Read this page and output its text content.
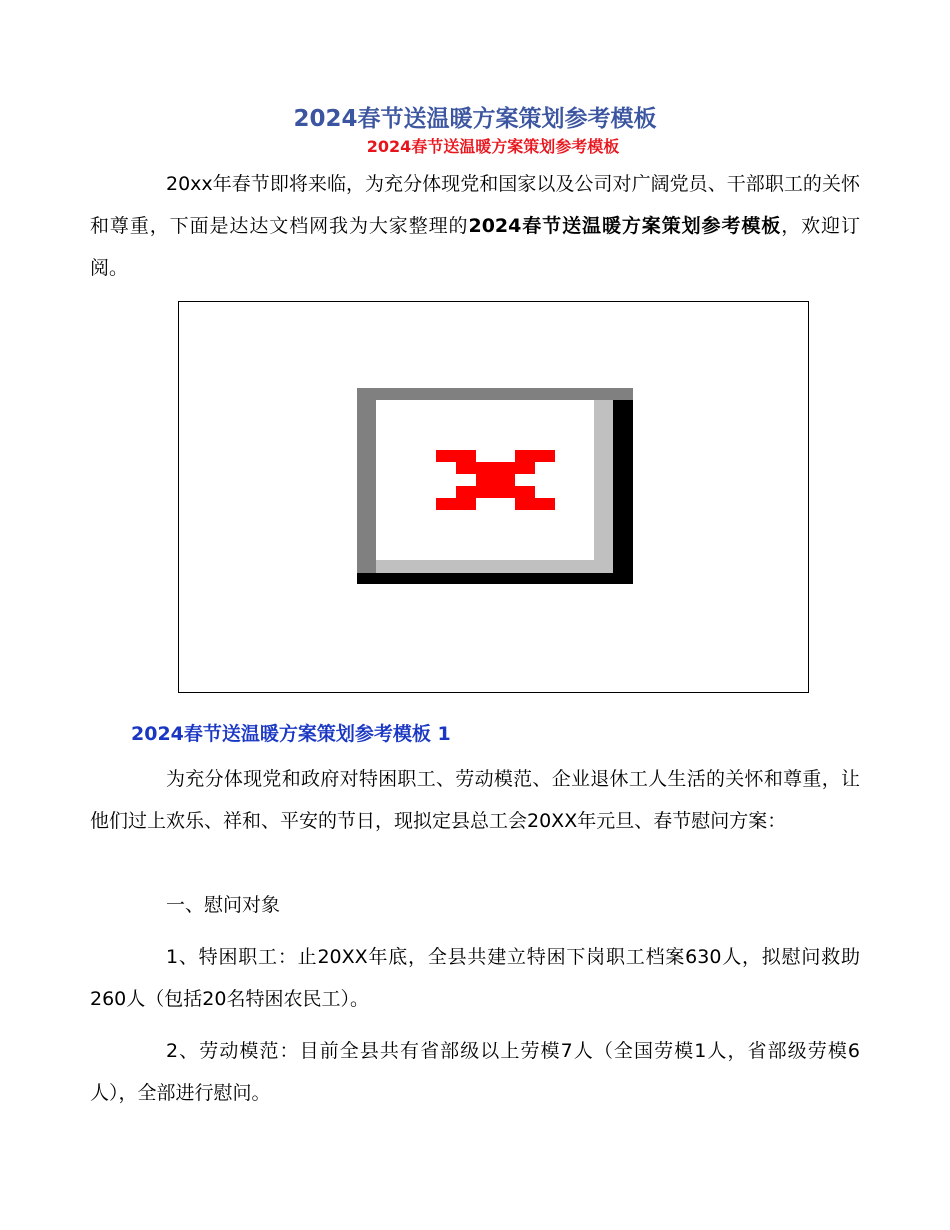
2024春节送温暖方案策划参考模板
2024春节送温暖方案策划参考模板

20xx年春节即将来临，为充分体现党和国家以及公司对广阔党员、干部职工的关怀和尊重，下面是达达文档网我为大家整理的2024春节送温暖方案策划参考模板，欢迎订阅。

2024春节送温暖方案策划参考模板 1

为充分体现党和政府对特困职工、劳动模范、企业退休工人生活的关怀和尊重，让他们过上欢乐、祥和、平安的节日，现拟定县总工会20XX年元旦、春节慰问方案：

一、慰问对象

1、特困职工：止20XX年底，全县共建立特困下岗职工档案630人，拟慰问救助260人（包括20名特困农民工）。

2、劳动模范：目前全县共有省部级以上劳模7人（全国劳模1人，省部级劳模6人），全部进行慰问。
